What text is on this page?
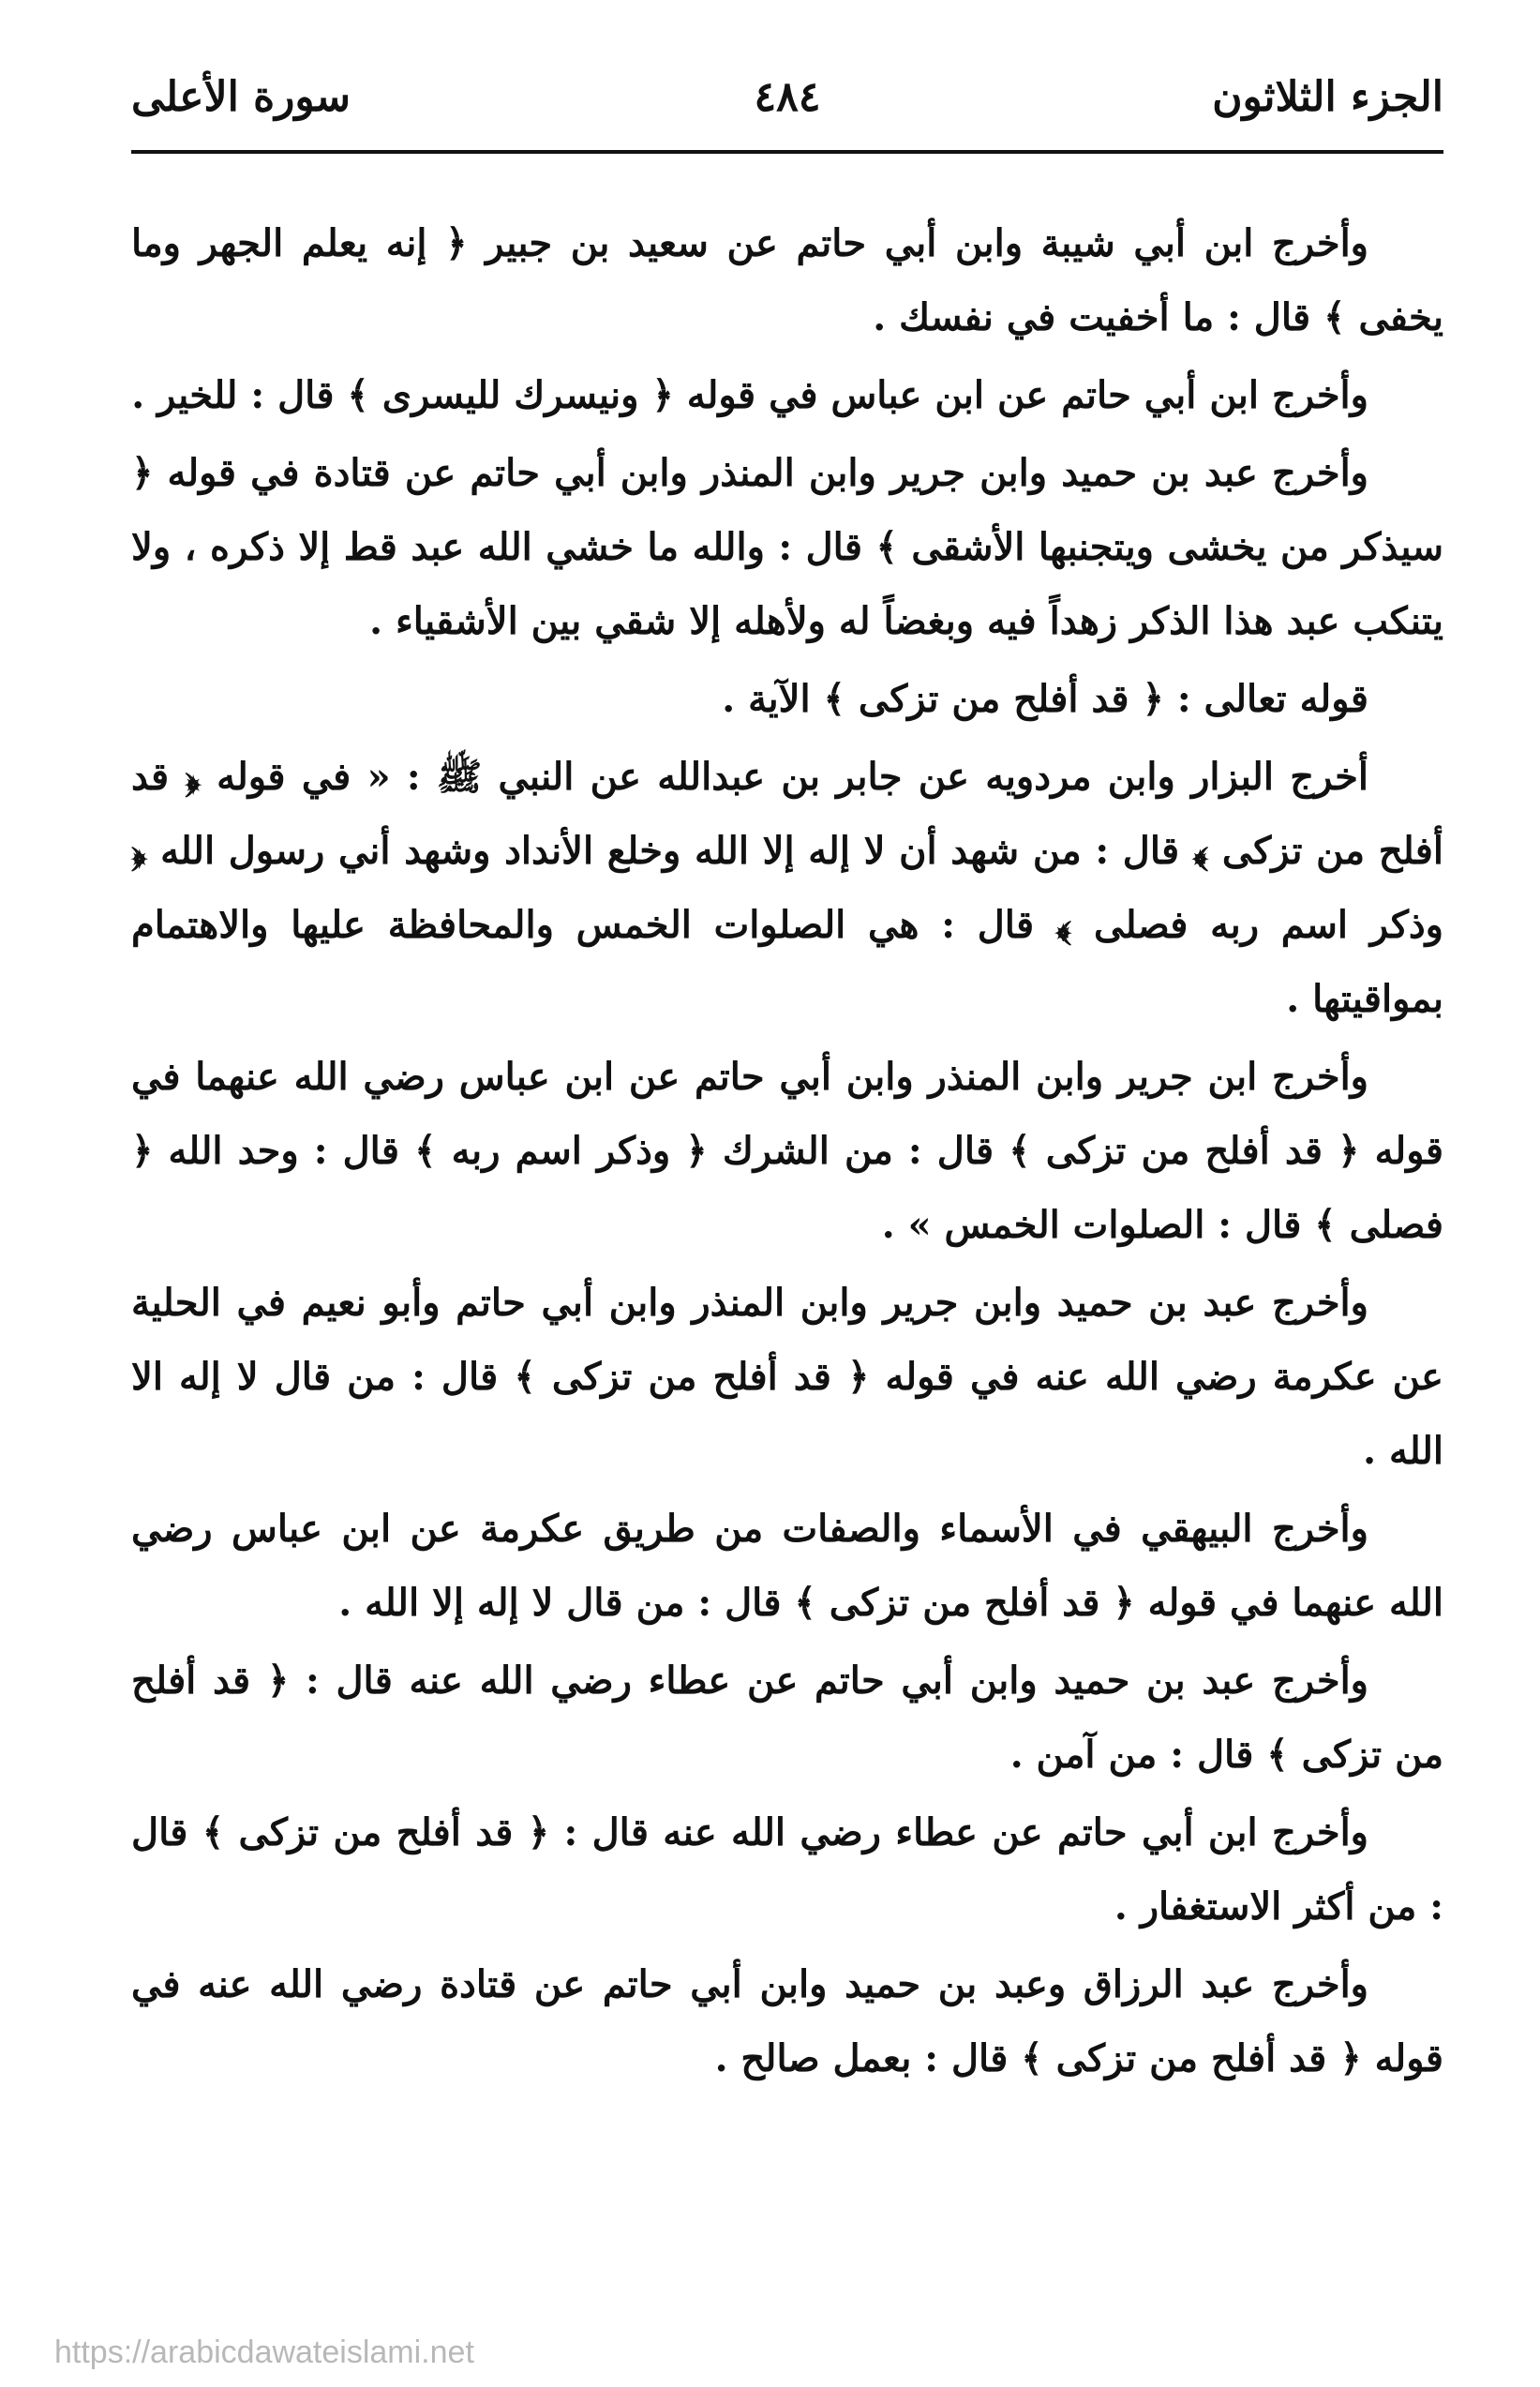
الجزء الثلاثون
٤٨٤
سورة الأعلى

وأخرج ابن أبي شيبة وابن أبي حاتم عن سعيد بن جبير ﴿ إنه يعلم الجهر وما يخفى ﴾ قال : ما أخفيت في نفسك .

وأخرج ابن أبي حاتم عن ابن عباس في قوله ﴿ ونيسرك لليسرى ﴾ قال : للخير .

وأخرج عبد بن حميد وابن جرير وابن المنذر وابن أبي حاتم عن قتادة في قوله ﴿ سيذكر من يخشى ويتجنبها الأشقى ﴾ قال : والله ما خشي الله عبد قط إلا ذكره ، ولا يتنكب عبد هذا الذكر زهداً فيه وبغضاً له ولأهله إلا شقي بين الأشقياء .

قوله تعالى : ﴿ قد أفلح من تزكى ﴾ الآية .

أخرج البزار وابن مردويه عن جابر بن عبدالله عن النبي ﷺ : « في قوله ﴿ قد أفلح من تزكى ﴾ قال : من شهد أن لا إله إلا الله وخلع الأنداد وشهد أني رسول الله ﴿ وذكر اسم ربه فصلى ﴾ قال : هي الصلوات الخمس والمحافظة عليها والاهتمام بمواقيتها .

وأخرج ابن جرير وابن المنذر وابن أبي حاتم عن ابن عباس رضي الله عنهما في قوله ﴿ قد أفلح من تزكى ﴾ قال : من الشرك ﴿ وذكر اسم ربه ﴾ قال : وحد الله ﴿ فصلى ﴾ قال : الصلوات الخمس » .

وأخرج عبد بن حميد وابن جرير وابن المنذر وابن أبي حاتم وأبو نعيم في الحلية عن عكرمة رضي الله عنه في قوله ﴿ قد أفلح من تزكى ﴾ قال : من قال لا إله الا الله .

وأخرج البيهقي في الأسماء والصفات من طريق عكرمة عن ابن عباس رضي الله عنهما في قوله ﴿ قد أفلح من تزكى ﴾ قال : من قال لا إله إلا الله .

وأخرج عبد بن حميد وابن أبي حاتم عن عطاء رضي الله عنه قال : ﴿ قد أفلح من تزكى ﴾ قال : من آمن .

وأخرج ابن أبي حاتم عن عطاء رضي الله عنه قال : ﴿ قد أفلح من تزكى ﴾ قال : من أكثر الاستغفار .

وأخرج عبد الرزاق وعبد بن حميد وابن أبي حاتم عن قتادة رضي الله عنه في قوله ﴿ قد أفلح من تزكى ﴾ قال : بعمل صالح .

https://arabicdawateislami.net
